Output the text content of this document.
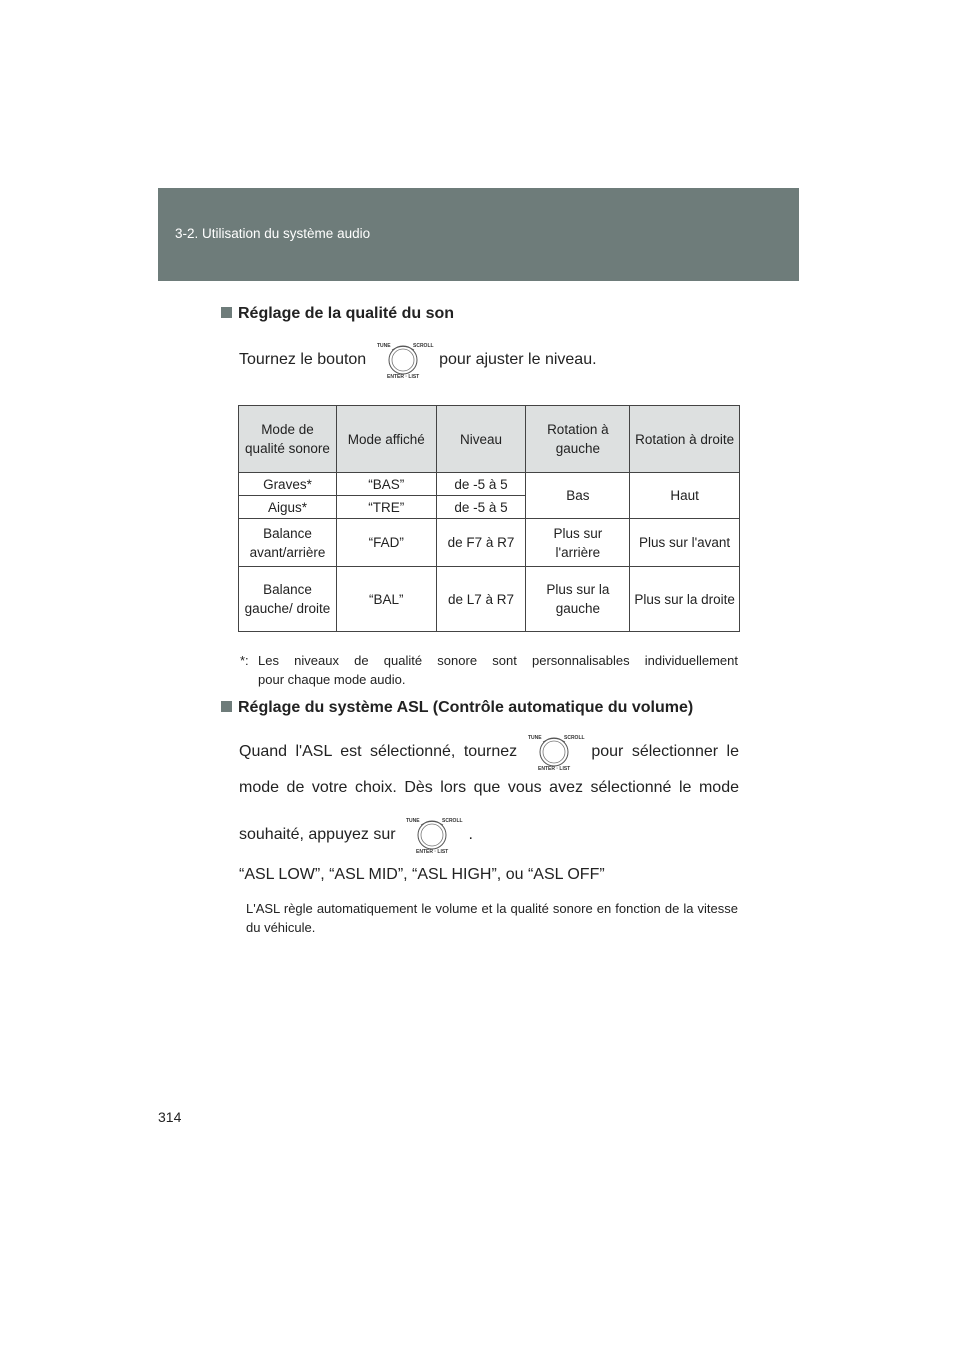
3-2. Utilisation du système audio
Réglage de la qualité du son
Tournez le bouton
TUNE	SCROLL
ENTER · LIST
pour ajuster le niveau.
Mode de qualité sonore	Mode affiché	Niveau	Rotation à gauche	Rotation à droite
Graves*	“BAS”	de -5 à 5	Bas	Haut
Aigus*	“TRE”	de -5 à 5		
Balance avant/arrière	“FAD”	de F7 à R7	Plus sur l'arrière	Plus sur l'avant
Balance gauche/ droite	“BAL”	de L7 à R7	Plus sur la gauche	Plus sur la droite
*: Les niveaux de qualité sonore sont personnalisables individuellement
pour chaque mode audio.
Réglage du système ASL (Contrôle automatique du volume)
Quand l'ASL est sélectionné, tournez
TUNE	SCROLL
ENTER · LIST
pour sélectionner le
mode de votre choix. Dès lors que vous avez sélectionné le mode
souhaité, appuyez sur
TUNE	SCROLL
ENTER · LIST
.
“ASL LOW”, “ASL MID”, “ASL HIGH”, ou “ASL OFF”
L'ASL règle automatiquement le volume et la qualité sonore en fonction de la vitesse du véhicule.
314
